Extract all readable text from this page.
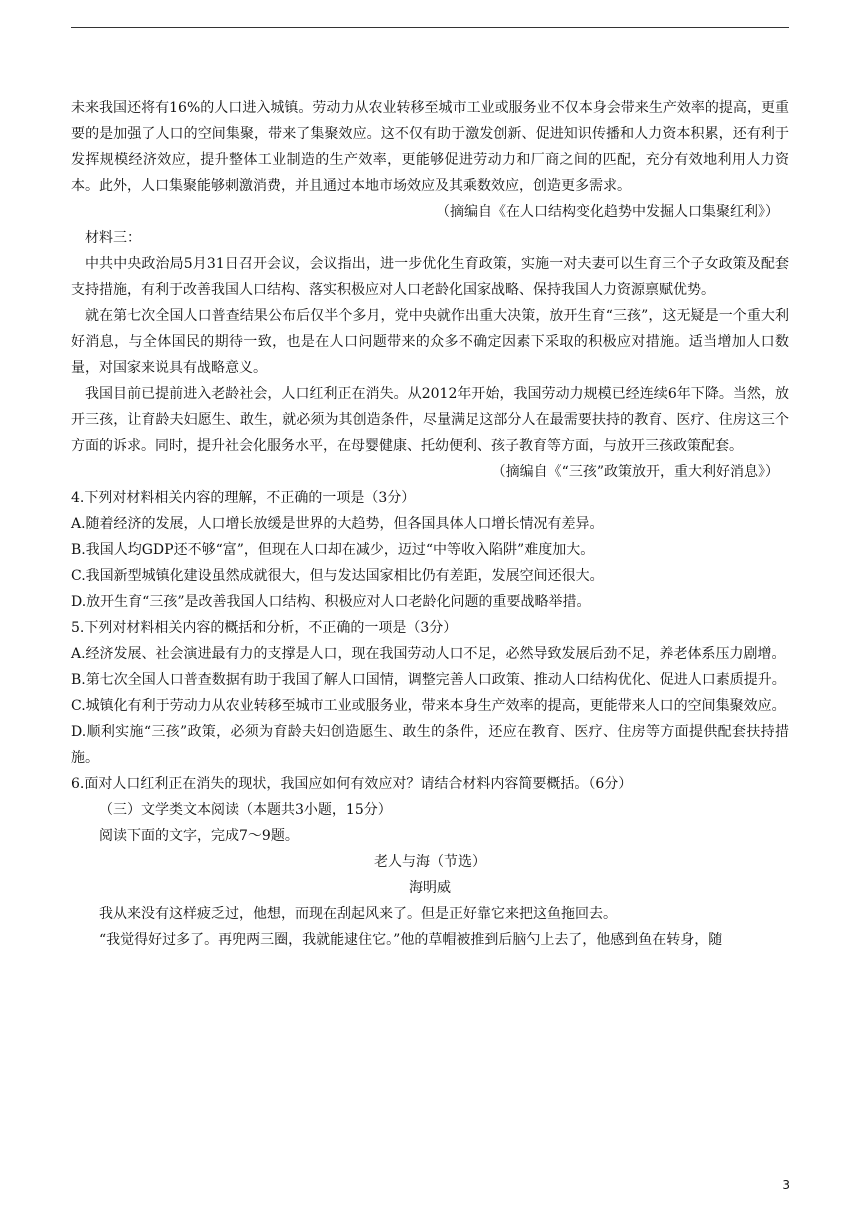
未来我国还将有16%的人口进入城镇。劳动力从农业转移至城市工业或服务业不仅本身会带来生产效率的提高，更重要的是加强了人口的空间集聚，带来了集聚效应。这不仅有助于激发创新、促进知识传播和人力资本积累，还有利于发挥规模经济效应，提升整体工业制造的生产效率，更能够促进劳动力和厂商之间的匹配，充分有效地利用人力资本。此外，人口集聚能够刺激消费，并且通过本地市场效应及其乘数效应，创造更多需求。

（摘编自《在人口结构变化趋势中发掘人口集聚红利》）

材料三：

中共中央政治局5月31日召开会议，会议指出，进一步优化生育政策，实施一对夫妻可以生育三个子女政策及配套支持措施，有利于改善我国人口结构、落实积极应对人口老龄化国家战略、保持我国人力资源禀赋优势。

就在第七次全国人口普查结果公布后仅半个多月，党中央就作出重大决策，放开生育“三孩”，这无疑是一个重大利好消息，与全体国民的期待一致，也是在人口问题带来的众多不确定因素下采取的积极应对措施。适当增加人口数量，对国家来说具有战略意义。

我国目前已提前进入老龄社会，人口红利正在消失。从2012年开始，我国劳动力规模已经连续6年下降。当然，放开三孩，让育龄夫妇愿生、敢生，就必须为其创造条件，尽量满足这部分人在最需要扶持的教育、医疗、住房这三个方面的诉求。同时，提升社会化服务水平，在母婴健康、托幼便利、孩子教育等方面，与放开三孩政策配套。

（摘编自《“三孩”政策放开，重大利好消息》）

4.下列对材料相关内容的理解，不正确的一项是（3分）

A.随着经济的发展，人口增长放缓是世界的大趋势，但各国具体人口增长情况有差异。

B.我国人均GDP还不够“富”，但现在人口却在减少，迈过“中等收入陷阱”难度加大。

C.我国新型城镇化建设虽然成就很大，但与发达国家相比仍有差距，发展空间还很大。

D.放开生育“三孩”是改善我国人口结构、积极应对人口老龄化问题的重要战略举措。

5.下列对材料相关内容的概括和分析，不正确的一项是（3分）

A.经济发展、社会演进最有力的支撑是人口，现在我国劳动人口不足，必然导致发展后劲不足，养老体系压力剧增。

B.第七次全国人口普查数据有助于我国了解人口国情，调整完善人口政策、推动人口结构优化、促进人口素质提升。

C.城镇化有利于劳动力从农业转移至城市工业或服务业，带来本身生产效率的提高，更能带来人口的空间集聚效应。

D.顺利实施“三孩”政策，必须为育龄夫妇创造愿生、敢生的条件，还应在教育、医疗、住房等方面提供配套扶持措施。

6.面对人口红利正在消失的现状，我国应如何有效应对？请结合材料内容简要概括。（6分）

（三）文学类文本阅读（本题共3小题，15分）

阅读下面的文字，完成7～9题。

老人与海（节选）

海明威

我从来没有这样疲乏过，他想，而现在刮起风来了。但是正好靠它来把这鱼拖回去。

“我觉得好过多了。再兜两三圈，我就能逮住它。”他的草帽被推到后脑勺上去了，他感到鱼在转身，随

3
